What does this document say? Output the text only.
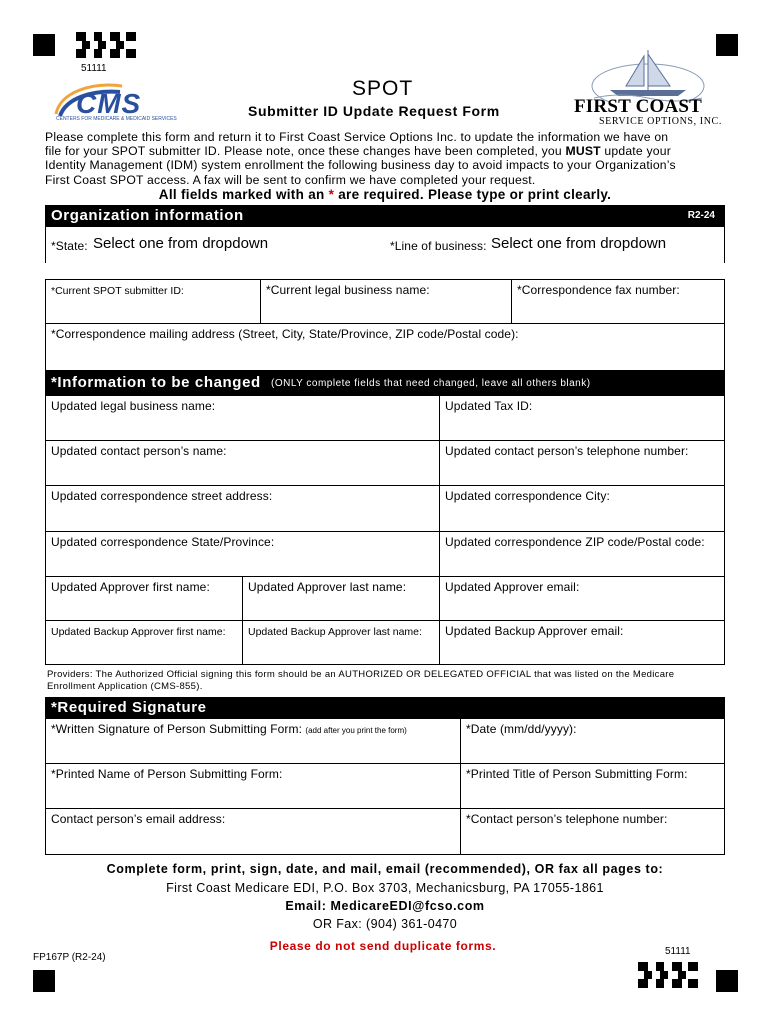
51111
CMS
CENTERS FOR MEDICARE & MEDICAID SERVICES
SPOT
Submitter ID Update Request Form	FIRST COAST
SERVICE OPTIONS, INC.
Please complete this form and return it to First Coast Service Options Inc. to update the information we have on
file for your SPOT submitter ID. Please note, once these changes have been completed, you MUST update your
Identity Management (IDM) system enrollment the following business day to avoid impacts to your Organization’s
First Coast SPOT access. A fax will be sent to confirm we have completed your request.
All fields marked with an * are required. Please type or print clearly.
Organization information	R2-24
*State: Select one from dropdown	*Line of business: Select one from dropdown
*Current SPOT submitter ID:	*Current legal business name:	*Correspondence fax number:
*Correspondence mailing address (Street, City, State/Province, ZIP code/Postal code):
*Information to be changed (ONLY complete fields that need changed, leave all others blank)
Updated legal business name:	Updated Tax ID:
Updated contact person’s name:	Updated contact person’s telephone number:
Updated correspondence street address:	Updated correspondence City:
Updated correspondence State/Province:	Updated correspondence ZIP code/Postal code:
Updated Approver first name:	Updated Approver last name:	Updated Approver email:
Updated Backup Approver first name:	Updated Backup Approver last name:	Updated Backup Approver email:
Providers: The Authorized Official signing this form should be an AUTHORIZED OR DELEGATED OFFICIAL that was listed on the Medicare
Enrollment Application (CMS-855).
*Required Signature
*Written Signature of Person Submitting Form: (add after you print the form)	*Date (mm/dd/yyyy):
*Printed Name of Person Submitting Form:	*Printed Title of Person Submitting Form:
Contact person’s email address:	*Contact person’s telephone number:
Complete form, print, sign, date, and mail, email (recommended), OR fax all pages to:
First Coast Medicare EDI, P.O. Box 3703, Mechanicsburg, PA 17055-1861
Email: MedicareEDI@fcso.com
OR Fax: (904) 361-0470
Please do not send duplicate forms.
FP167P (R2-24)
51111
